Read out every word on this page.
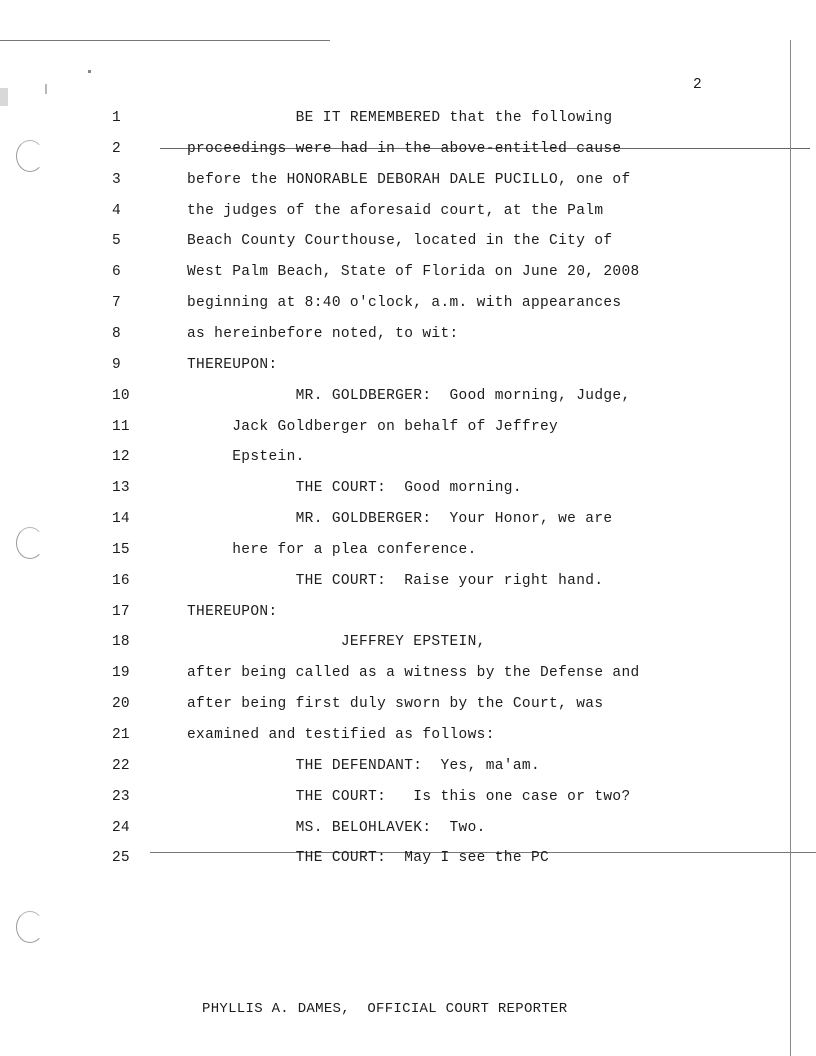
2
1	BE IT REMEMBERED that the following
2	proceedings were had in the above-entitled cause
3	before the HONORABLE DEBORAH DALE PUCILLO, one of
4	the judges of the aforesaid court, at the Palm
5	Beach County Courthouse, located in the City of
6	West Palm Beach, State of Florida on June 20, 2008
7	beginning at 8:40 o'clock, a.m. with appearances
8	as hereinbefore noted, to wit:
9	THEREUPON:
10	MR. GOLDBERGER:  Good morning, Judge,
11	Jack Goldberger on behalf of Jeffrey
12	Epstein.
13	THE COURT:  Good morning.
14	MR. GOLDBERGER:  Your Honor, we are
15	here for a plea conference.
16	THE COURT:  Raise your right hand.
17	THEREUPON:
18	JEFFREY EPSTEIN,
19	after being called as a witness by the Defense and
20	after being first duly sworn by the Court, was
21	examined and testified as follows:
22	THE DEFENDANT:  Yes, ma'am.
23	THE COURT:   Is this one case or two?
24	MS. BELOHLAVEK:  Two.
25	THE COURT:  May I see the PC
PHYLLIS A. DAMES,  OFFICIAL COURT REPORTER
